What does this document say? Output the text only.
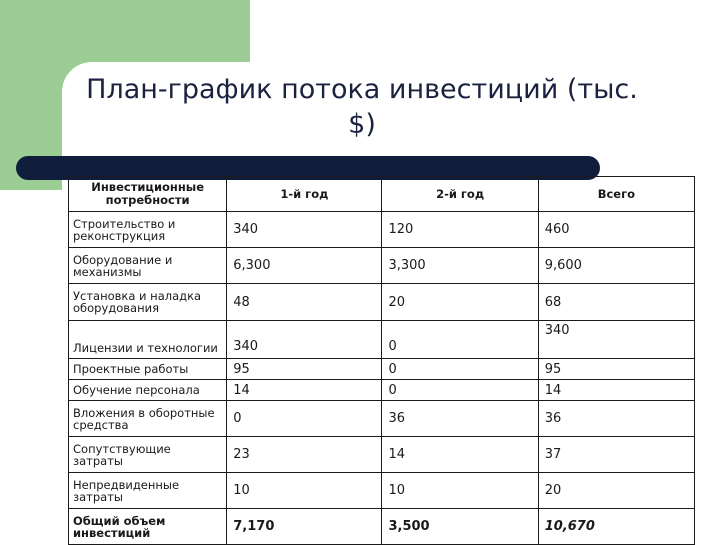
План-график потока инвестиций (тыс.
$)
Инвестиционные потребности	1-й год	2-й год	Всего
Строительство и реконструкция	340	120	460
Оборудование и механизмы	6,300	3,300	9,600
Установка и наладка оборудования	48	20	68
Лицензии и технологии	340	0	340
Проектные работы	95	0	95
Обучение персонала	14	0	14
Вложения в оборотные средства	0	36	36
Сопутствующие затраты	23	14	37
Непредвиденные затраты	10	10	20
Общий объем инвестиций	7,170	3,500	10,670
